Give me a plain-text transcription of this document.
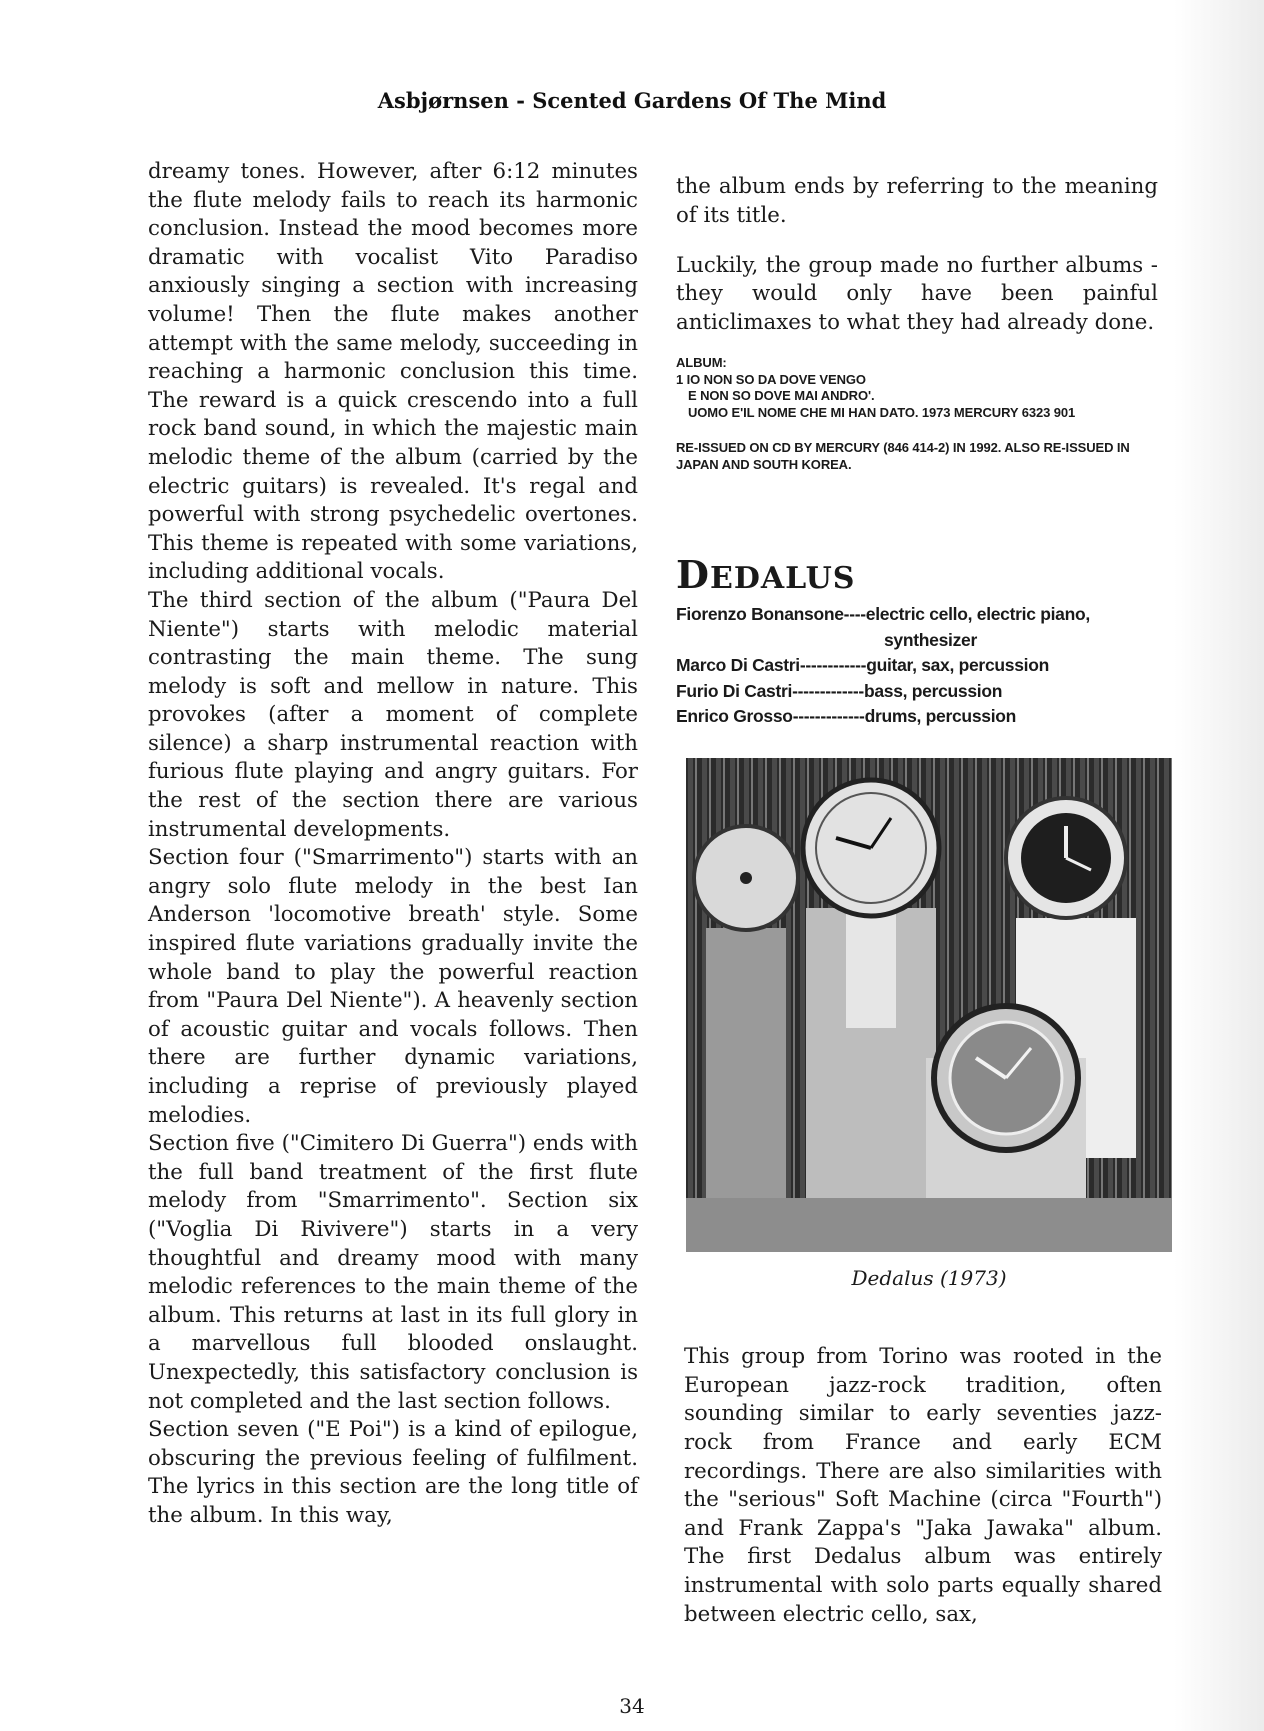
Asbjørnsen - Scented Gardens Of The Mind

dreamy tones. However, after 6:12 minutes the flute melody fails to reach its harmonic conclusion. Instead the mood becomes more dramatic with vocalist Vito Paradiso anxiously singing a section with increasing volume! Then the flute makes another attempt with the same melody, succeeding in reaching a harmonic conclusion this time. The reward is a quick crescendo into a full rock band sound, in which the majestic main melodic theme of the album (carried by the electric guitars) is revealed. It's regal and powerful with strong psychedelic overtones. This theme is repeated with some variations, including additional vocals.

The third section of the album ("Paura Del Niente") starts with melodic material contrasting the main theme. The sung melody is soft and mellow in nature. This provokes (after a moment of complete silence) a sharp instrumental reaction with furious flute playing and angry guitars. For the rest of the section there are various instrumental developments.

Section four ("Smarrimento") starts with an angry solo flute melody in the best Ian Anderson 'locomotive breath' style. Some inspired flute variations gradually invite the whole band to play the powerful reaction from "Paura Del Niente"). A heavenly section of acoustic guitar and vocals follows. Then there are further dynamic variations, including a reprise of previously played melodies.

Section five ("Cimitero Di Guerra") ends with the full band treatment of the first flute melody from "Smarrimento". Section six ("Voglia Di Rivivere") starts in a very thoughtful and dreamy mood with many melodic references to the main theme of the album. This returns at last in its full glory in a marvellous full blooded onslaught. Unexpectedly, this satisfactory conclusion is not completed and the last section follows.

Section seven ("E Poi") is a kind of epilogue, obscuring the previous feeling of fulfilment. The lyrics in this section are the long title of the album. In this way,

the album ends by referring to the meaning of its title.

Luckily, the group made no further albums - they would only have been painful anticlimaxes to what they had already done.

ALBUM:
1 IO NON SO DA DOVE VENGO
E NON SO DOVE MAI ANDRO'.
UOMO E'IL NOME CHE MI HAN DATO. 1973 MERCURY 6323 901
RE-ISSUED ON CD BY MERCURY (846 414-2) IN 1992. ALSO RE-ISSUED IN JAPAN AND SOUTH KOREA.
DEDALUS
Fiorenzo Bonansone----electric cello, electric piano,
synthesizer
Marco Di Castri------------guitar, sax, percussion
Furio Di Castri-------------bass, percussion
Enrico Grosso-------------drums, percussion
Dedalus (1973)

This group from Torino was rooted in the European jazz-rock tradition, often sounding similar to early seventies jazz-rock from France and early ECM recordings. There are also similarities with the "serious" Soft Machine (circa "Fourth") and Frank Zappa's "Jaka Jawaka" album. The first Dedalus album was entirely instrumental with solo parts equally shared between electric cello, sax,

34
